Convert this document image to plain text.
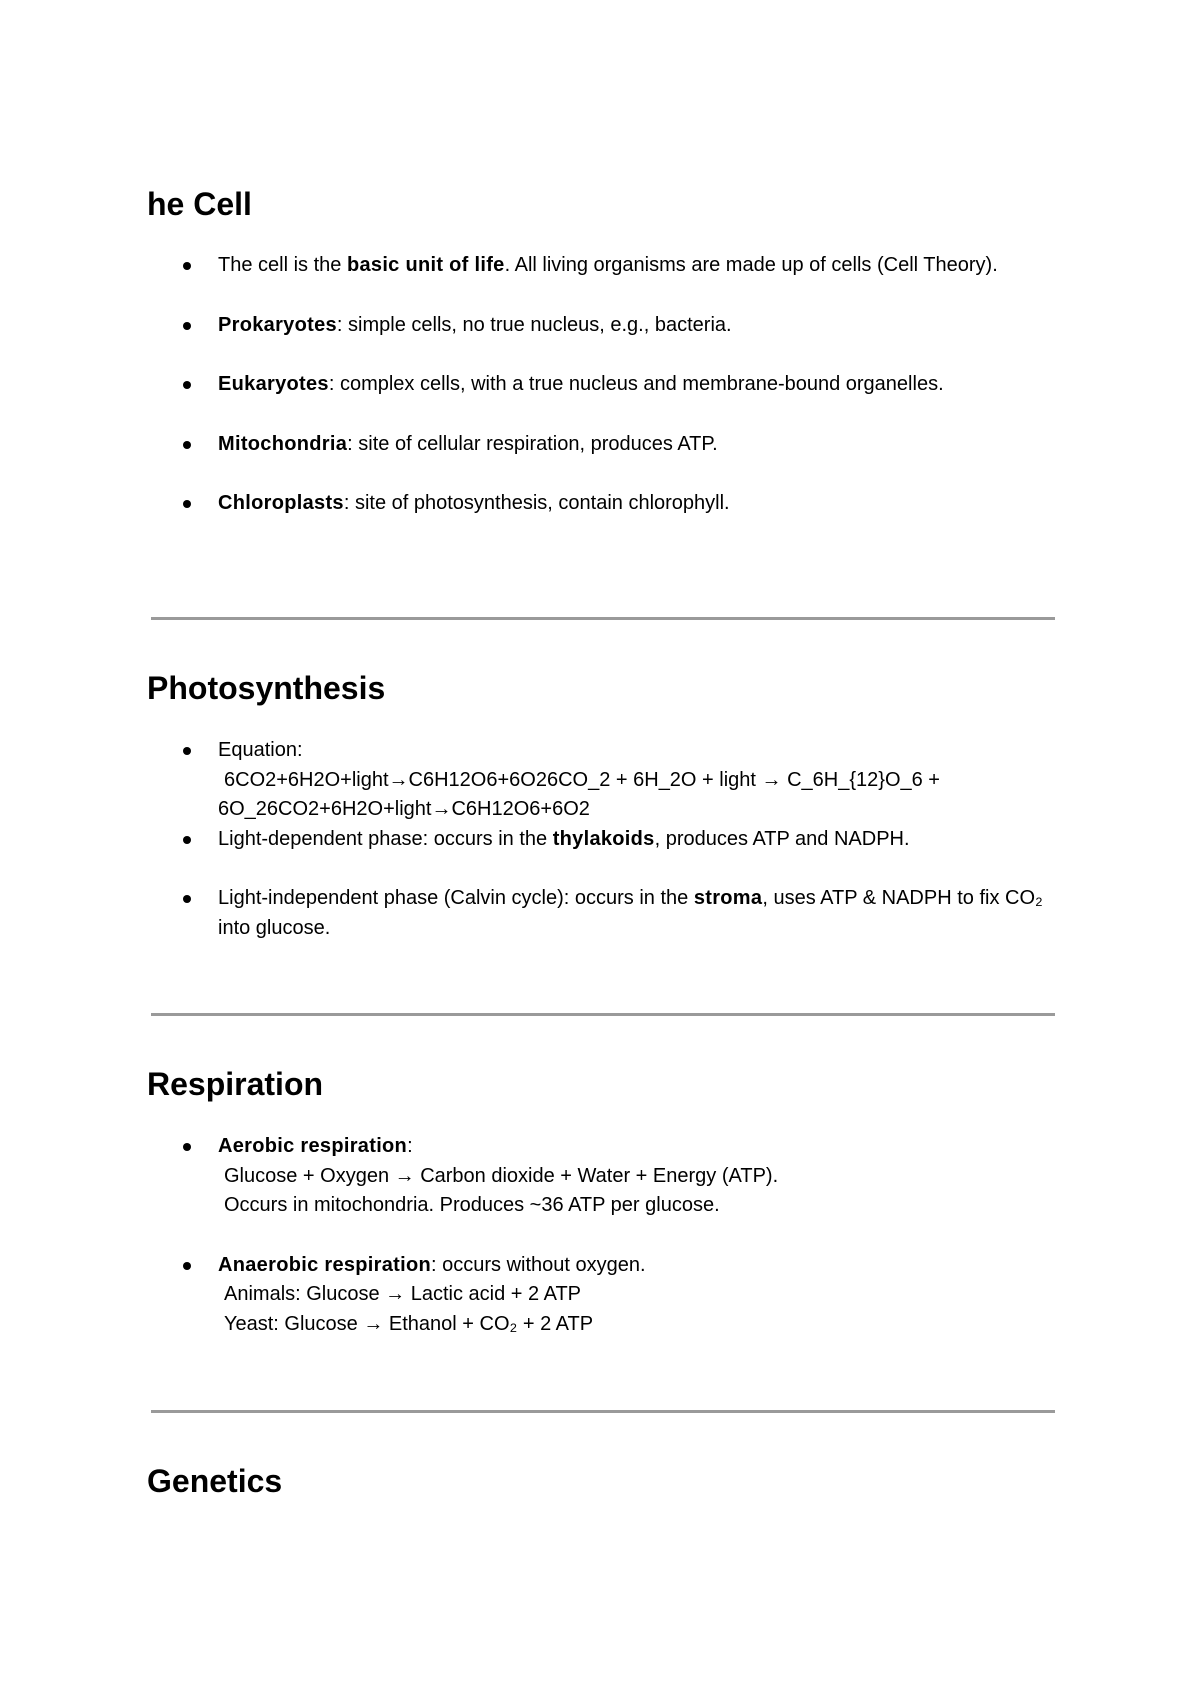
he Cell
The cell is the basic unit of life. All living organisms are made up of cells (Cell Theory).
Prokaryotes: simple cells, no true nucleus, e.g., bacteria.
Eukaryotes: complex cells, with a true nucleus and membrane-bound organelles.
Mitochondria: site of cellular respiration, produces ATP.
Chloroplasts: site of photosynthesis, contain chlorophyll.
Photosynthesis
Equation:
6CO2+6H2O+light→C6H12O6+6O26CO_2 + 6H_2O + light → C_6H_{12}O_6 +
6O_26CO2+6H2O+light→C6H12O6+6O2
Light-dependent phase: occurs in the thylakoids, produces ATP and NADPH.
Light-independent phase (Calvin cycle): occurs in the stroma, uses ATP & NADPH to fix CO₂ into glucose.
Respiration
Aerobic respiration:
Glucose + Oxygen → Carbon dioxide + Water + Energy (ATP).
Occurs in mitochondria. Produces ~36 ATP per glucose.
Anaerobic respiration: occurs without oxygen.
Animals: Glucose → Lactic acid + 2 ATP
Yeast: Glucose → Ethanol + CO₂ + 2 ATP
Genetics
